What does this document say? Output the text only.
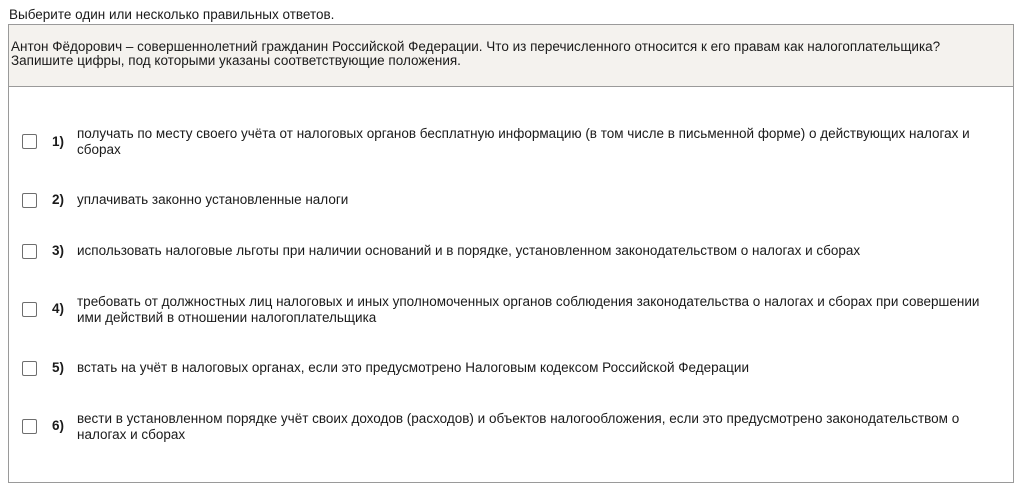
Выберите один или несколько правильных ответов.
Антон Фёдорович – совершеннолетний гражданин Российской Федерации. Что из перечисленного относится к его правам как налогоплательщика? Запишите цифры, под которыми указаны соответствующие положения.
1)
получать по месту своего учёта от налоговых органов бесплатную информацию (в том числе в письменной форме) о действующих налогах и сборах
2) уплачивать законно установленные налоги
3) использовать налоговые льготы при наличии оснований и в порядке, установленном законодательством о налогах и сборах
4) требовать от должностных лиц налоговых и иных уполномоченных органов соблюдения законодательства о налогах и сборах при совершении ими действий в отношении налогоплательщика
5) встать на учёт в налоговых органах, если это предусмотрено Налоговым кодексом Российской Федерации
6) вести в установленном порядке учёт своих доходов (расходов) и объектов налогообложения, если это предусмотрено законодательством о налогах и сборах
